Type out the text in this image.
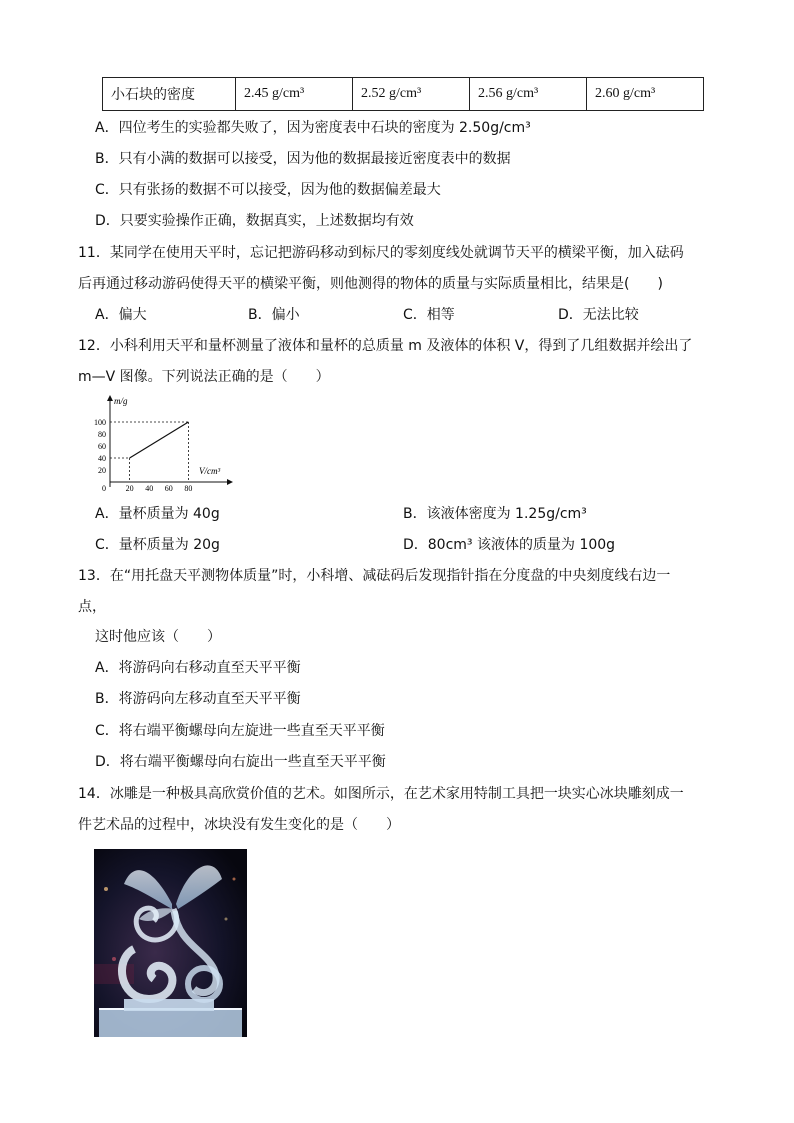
小石块的密度	2.45 g/cm³	2.52 g/cm³	2.56 g/cm³	2.60 g/cm³
A．四位考生的实验都失败了，因为密度表中石块的密度为 2.50g/cm³
B．只有小满的数据可以接受，因为他的数据最接近密度表中的数据
C．只有张扬的数据不可以接受，因为他的数据偏差最大
D．只要实验操作正确，数据真实，上述数据均有效
11．某同学在使用天平时，忘记把游码移动到标尺的零刻度线处就调节天平的横梁平衡，加入砝码
后再通过移动游码使得天平的横梁平衡，则他测得的物体的质量与实际质量相比，结果是(　　)
A．偏大	B．偏小	C．相等	D．无法比较
12．小科利用天平和量杯测量了液体和量杯的总质量 m 及液体的体积 V，得到了几组数据并绘出了
m—V 图像。下列说法正确的是（　　）
m/g
V/cm³
0 20 40 60 80
20
40
60
80
100
A．量杯质量为 40g	B．该液体密度为 1.25g/cm³
C．量杯质量为 20g	D．80cm³ 该液体的质量为 100g
13．在“用托盘天平测物体质量”时，小科增、减砝码后发现指针指在分度盘的中央刻度线右边一
点，
这时他应该（　　）
A．将游码向右移动直至天平平衡
B．将游码向左移动直至天平平衡
C．将右端平衡螺母向左旋进一些直至天平平衡
D．将右端平衡螺母向右旋出一些直至天平平衡
14．冰雕是一种极具高欣赏价值的艺术。如图所示，在艺术家用特制工具把一块实心冰块雕刻成一
件艺术品的过程中，冰块没有发生变化的是（　　）
